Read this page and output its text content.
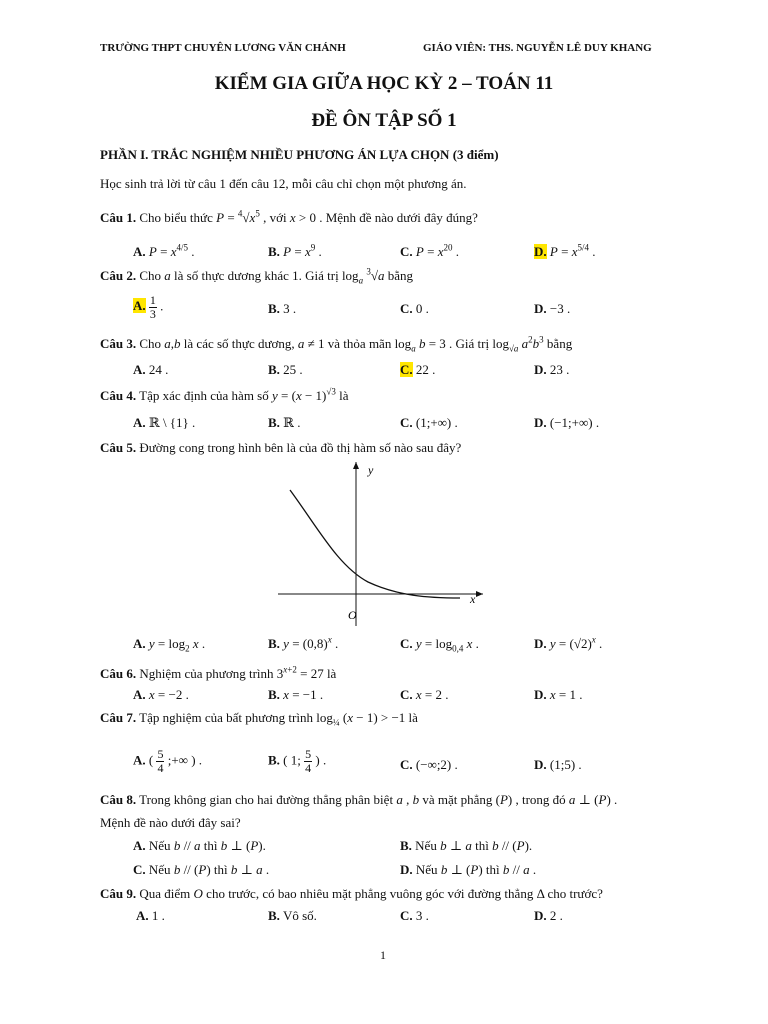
TRƯỜNG THPT CHUYÊN LƯƠNG VĂN CHÁNH	GIÁO VIÊN: THS. NGUYỄN LÊ DUY KHANG
KIỂM GIA GIỮA HỌC KỲ 2 – TOÁN 11
ĐỀ ÔN TẬP SỐ 1
PHẦN I. TRẮC NGHIỆM NHIỀU PHƯƠNG ÁN LỰA CHỌN (3 điểm)
Học sinh trả lời từ câu 1 đến câu 12, mỗi câu chỉ chọn một phương án.
Câu 1. Cho biểu thức $P = ^4√x^5$ , với x > 0 . Mệnh đề nào dưới đây đúng?
A. $P = x^{4/5}$ .	B. $P = x^9$ .	C. $P = x^{20}$ .	D. $P = x^{5/4}$ .
Câu 2. Cho a là số thực dương khác 1. Giá trị $\log_a ^3√a$ bằng
A. $\frac{1}{3}$ .	B. 3 .	C. 0 .	D. −3 .
Câu 3. Cho a,b là các số thực dương, a ≠ 1 và thỏa mãn $\log_a b = 3$ . Giá trị $\log_{√a} a^2b^3$ bằng
A. 24 .	B. 25 .	C. 22 .	D. 23 .
Câu 4. Tập xác định của hàm số $y = (x - 1)^{√3}$ là
A. ℝ \ {1} .	B. ℝ .	C. (1;+∞) .	D. (−1;+∞) .
Câu 5. Đường cong trong hình bên là của đồ thị hàm số nào sau đây?
y
x
O
A. $y = \log_2 x$ .	B. $y = (0,8)^x$ .	C. $y = \log_{0,4} x$ .	D. $y = (√2)^x$ .
Câu 6. Nghiệm của phương trình $3^{x+2} = 27$ là
A. x = −2 .	B. x = −1 .	C. x = 2 .	D. x = 1 .
Câu 7. Tập nghiệm của bất phương trình $\log_{\frac{1}{4}} (x - 1) > -1$ là
A. ( $\frac{5}{4}$ ;+∞ ) .	B. ( 1; $\frac{5}{4}$ ) .	C. (−∞;2) .	D. (1;5) .
Câu 8. Trong không gian cho hai đường thẳng phân biệt a , b và mặt phẳng (P) , trong đó a ⊥ (P) .
Mệnh đề nào dưới đây sai?
A. Nếu b // a thì b ⊥ (P).	B. Nếu b ⊥ a thì b // (P).
C. Nếu b // (P) thì b ⊥ a .	D. Nếu b ⊥ (P) thì b // a .
Câu 9. Qua điểm O cho trước, có bao nhiêu mặt phẳng vuông góc với đường thẳng Δ cho trước?
A. 1 .	B. Vô số.	C. 3 .	D. 2 .
1
